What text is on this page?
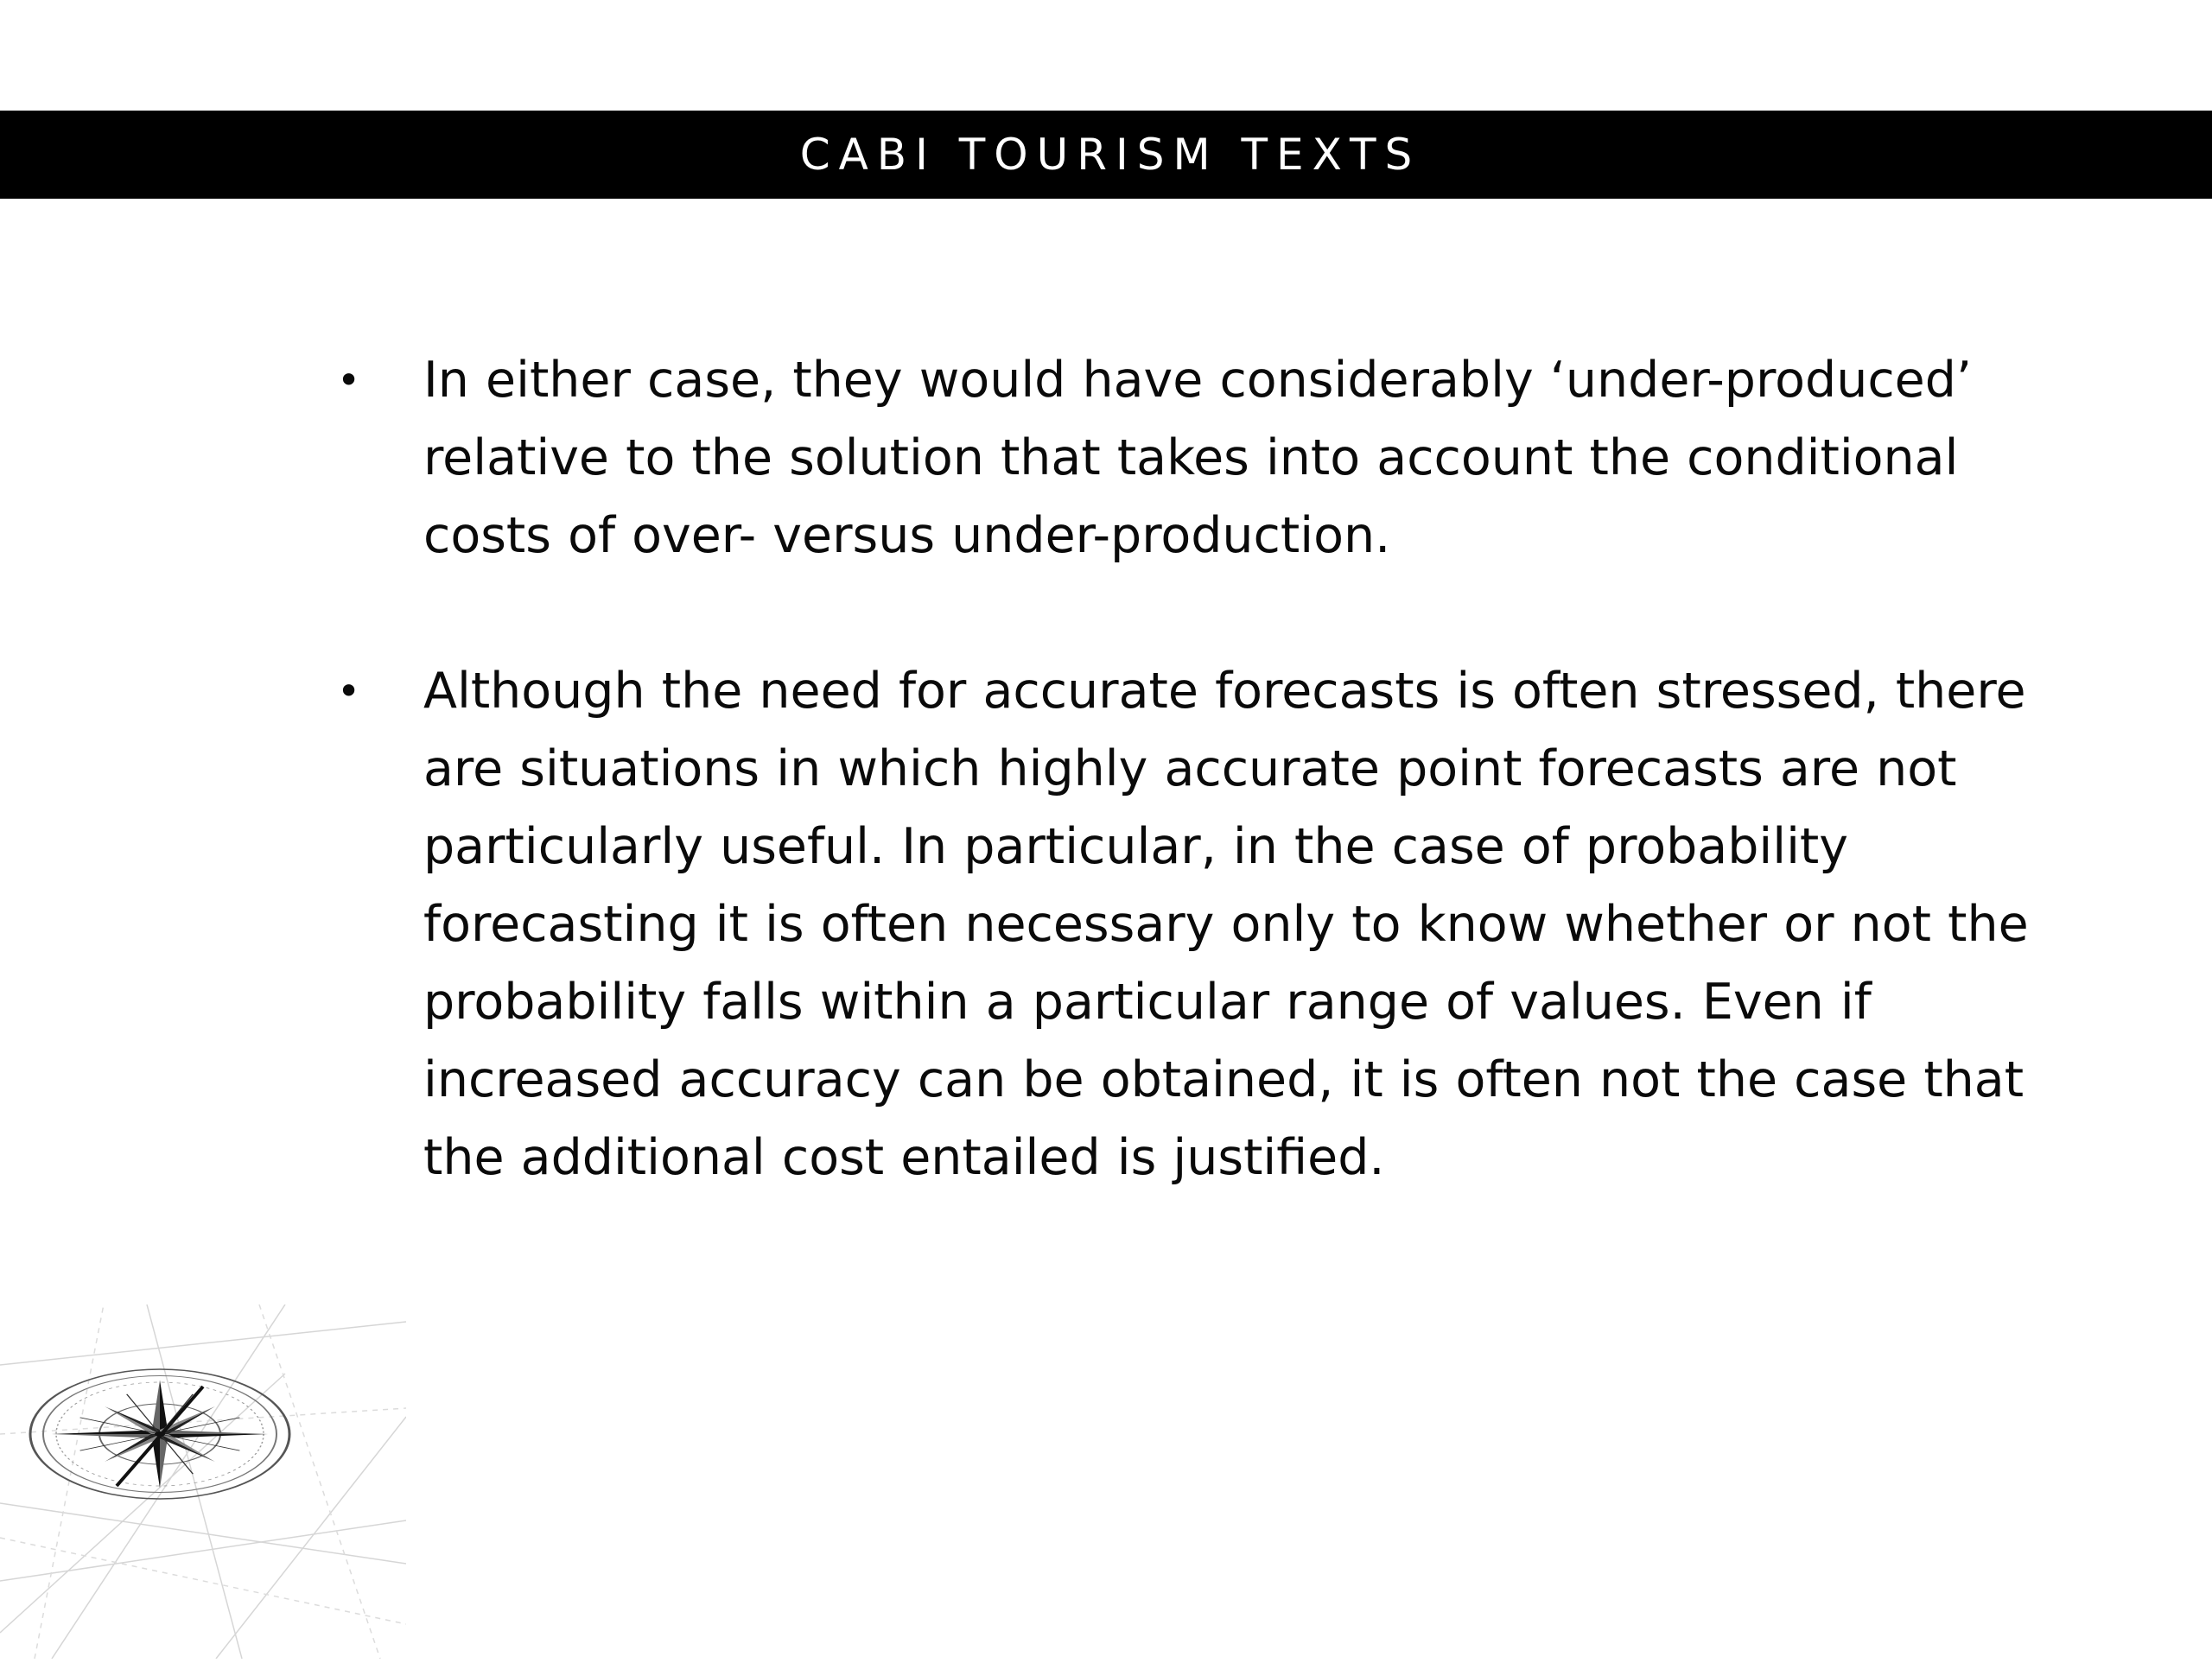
CABI TOURISM TEXTS
• In either case, they would have considerably ‘under-produced’ relative to the solution that takes into account the conditional costs of over- versus under-production.
• Although the need for accurate forecasts is often stressed, there are situations in which highly accurate point forecasts are not particularly useful. In particular, in the case of probability forecasting it is often necessary only to know whether or not the probability falls within a particular range of values. Even if increased accuracy can be obtained, it is often not the case that the additional cost entailed is justified.
